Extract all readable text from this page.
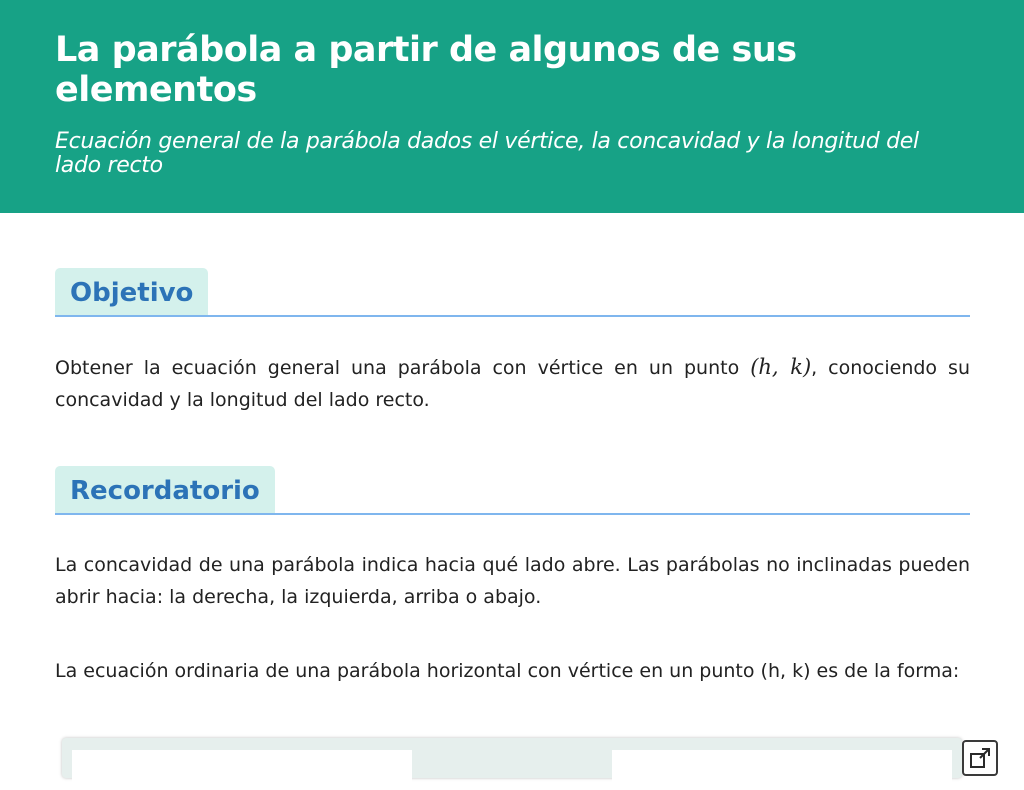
La parábola a partir de algunos de sus elementos

Ecuación general de la parábola dados el vértice, la concavidad y la longitud del lado recto

Objetivo

Obtener la ecuación general una parábola con vértice en un punto (h, k), conociendo su concavidad y la longitud del lado recto.

Recordatorio

La concavidad de una parábola indica hacia qué lado abre. Las parábolas no inclinadas pueden abrir hacia: la derecha, la izquierda, arriba o abajo.

La ecuación ordinaria de una parábola horizontal con vértice en un punto (h, k) es de la forma:
